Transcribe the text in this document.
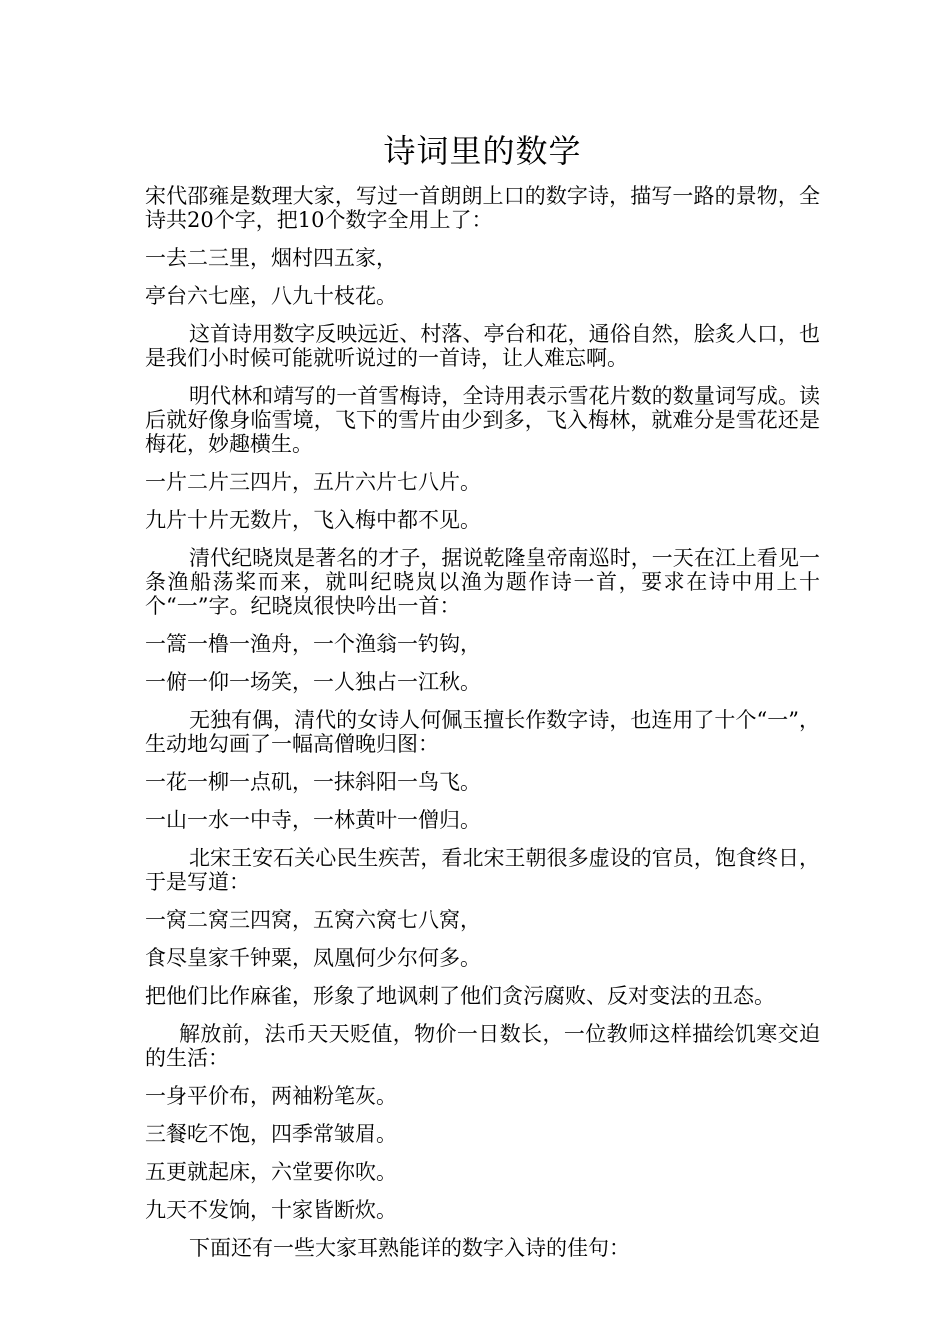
诗词里的数学

宋代邵雍是数理大家，写过一首朗朗上口的数字诗，描写一路的景物，全诗共20个字，把10个数字全用上了：

一去二三里，烟村四五家，

亭台六七座，八九十枝花。

这首诗用数字反映远近、村落、亭台和花，通俗自然，脍炙人口，也是我们小时候可能就听说过的一首诗，让人难忘啊。

明代林和靖写的一首雪梅诗，全诗用表示雪花片数的数量词写成。读后就好像身临雪境，飞下的雪片由少到多，飞入梅林，就难分是雪花还是梅花，妙趣横生。

一片二片三四片，五片六片七八片。

九片十片无数片，飞入梅中都不见。

清代纪晓岚是著名的才子，据说乾隆皇帝南巡时，一天在江上看见一条渔船荡桨而来，就叫纪晓岚以渔为题作诗一首，要求在诗中用上十个“一”字。纪晓岚很快吟出一首：

一篙一橹一渔舟，一个渔翁一钓钩，

一俯一仰一场笑，一人独占一江秋。

无独有偶，清代的女诗人何佩玉擅长作数字诗，也连用了十个“一”，生动地勾画了一幅高僧晚归图：

一花一柳一点矶，一抹斜阳一鸟飞。

一山一水一中寺，一林黄叶一僧归。

北宋王安石关心民生疾苦，看北宋王朝很多虚设的官员，饱食终日，于是写道：

一窝二窝三四窝，五窝六窝七八窝，

食尽皇家千钟粟，凤凰何少尔何多。

把他们比作麻雀，形象了地讽刺了他们贪污腐败、反对变法的丑态。

解放前，法币天天贬值，物价一日数长，一位教师这样描绘饥寒交迫的生活：

一身平价布，两袖粉笔灰。

三餐吃不饱，四季常皱眉。

五更就起床，六堂要你吹。

九天不发饷，十家皆断炊。

下面还有一些大家耳熟能详的数字入诗的佳句：
